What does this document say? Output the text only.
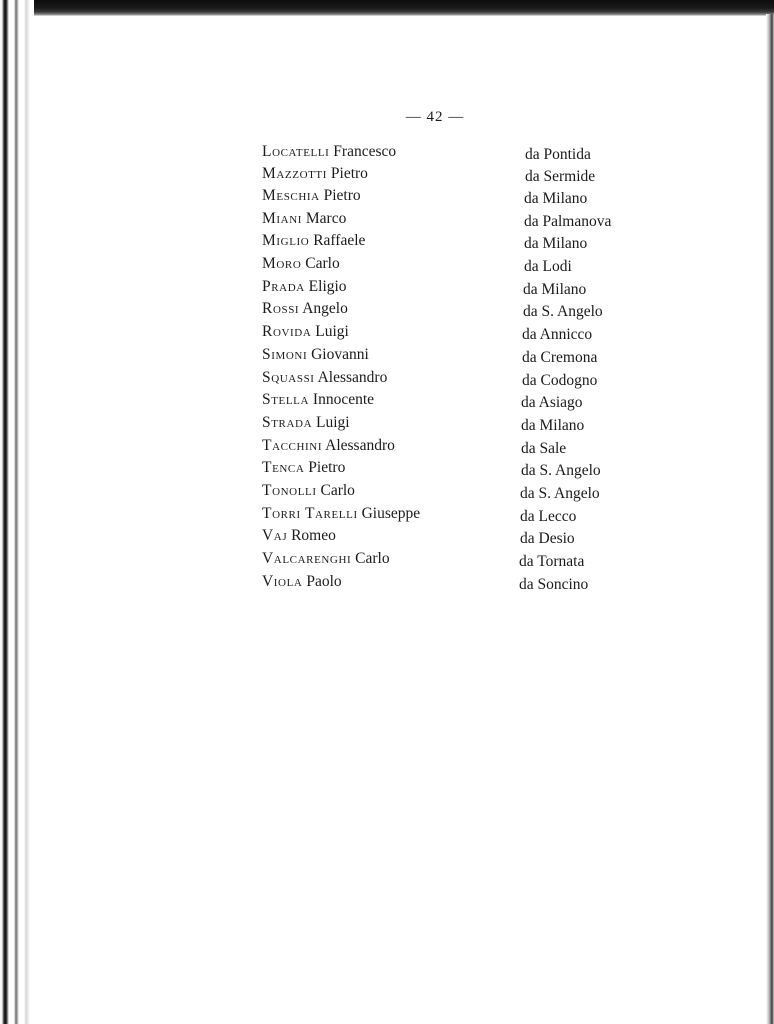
— 42 —
Locatelli Francesco	da Pontida
Mazzotti Pietro	da Sermide
Meschia Pietro	da Milano
Miani Marco	da Palmanova
Miglio Raffaele	da Milano
Moro Carlo	da Lodi
Prada Eligio	da Milano
Rossi Angelo	da S. Angelo
Rovida Luigi	da Annicco
Simoni Giovanni	da Cremona
Squassi Alessandro	da Codogno
Stella Innocente	da Asiago
Strada Luigi	da Milano
Tacchini Alessandro	da Sale
Tenca Pietro	da S. Angelo
Tonolli Carlo	da S. Angelo
Torri Tarelli Giuseppe	da Lecco
Vaj Romeo	da Desio
Valcarenghi Carlo	da Tornata
Viola Paolo	da Soncino
